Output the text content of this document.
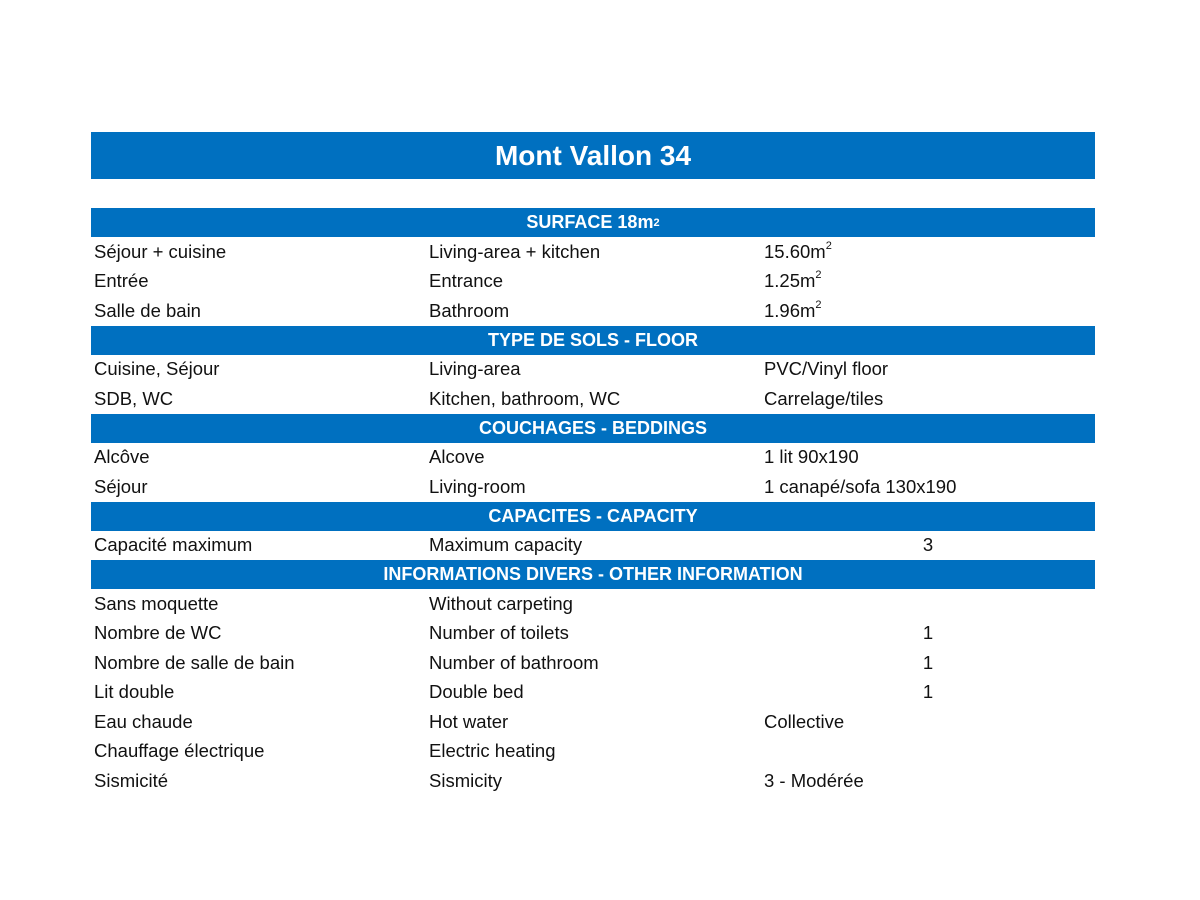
Mont Vallon 34
SURFACE 18m 2
Séjour + cuisine	Living-area + kitchen	$15.60m^2$
Entrée	Entrance	$1.25m^2$
Salle de bain	Bathroom	$1.96m^2$
TYPE DE SOLS - FLOOR
Cuisine, Séjour	Living-area	PVC/Vinyl floor
SDB, WC	Kitchen, bathroom, WC	Carrelage/tiles
COUCHAGES - BEDDINGS
Alcôve	Alcove	1 lit 90x190
Séjour	Living-room	1 canapé/sofa 130x190
CAPACITES - CAPACITY
Capacité maximum	Maximum capacity	3
INFORMATIONS DIVERS - OTHER INFORMATION
Sans moquette	Without carpeting
Nombre de WC	Number of toilets	1
Nombre de salle de bain	Number of bathroom	1
Lit double	Double bed	1
Eau chaude	Hot water	Collective
Chauffage électrique	Electric heating
Sismicité	Sismicity	3 - Modérée
